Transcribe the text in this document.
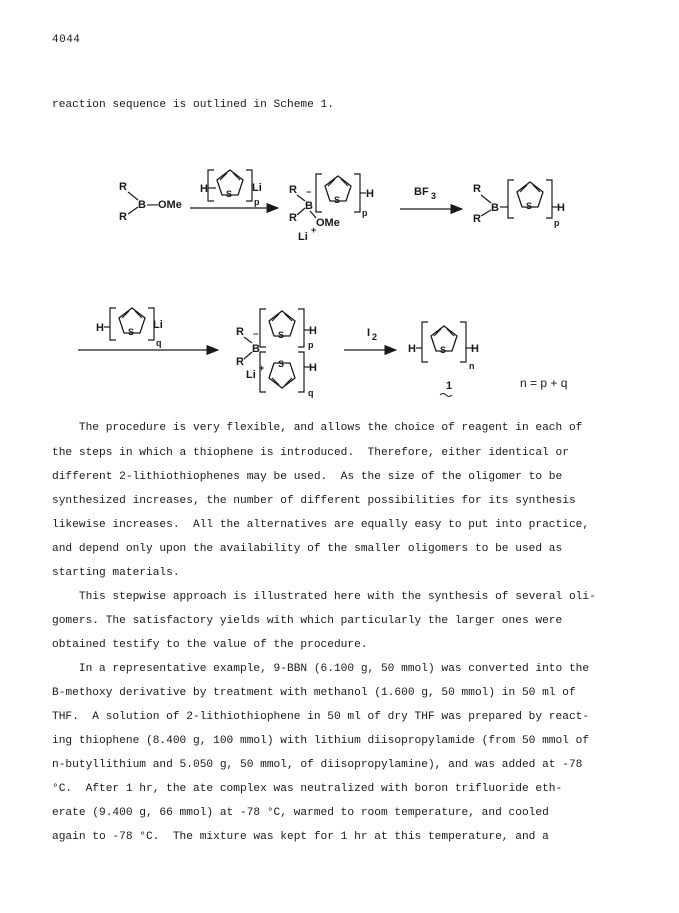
4044
reaction sequence is outlined in Scheme 1.
R
R
B —OMe
H S
p
Li R
R
B
−
S H
p
OMe
Li
+
BF 3
R
R
B	S H
p
H	S
q
Li
R
R
B
− S H
p
S H
q
Li
+
I 2
H	S H
n
1	n = p + q
The procedure is very flexible, and allows the choice of reagent in each of
the steps in which a thiophene is introduced.  Therefore, either identical or
different 2-lithiothiophenes may be used.  As the size of the oligomer to be
synthesized increases, the number of different possibilities for its synthesis
likewise increases.  All the alternatives are equally easy to put into practice,
and depend only upon the availability of the smaller oligomers to be used as
starting materials.
This stepwise approach is illustrated here with the synthesis of several oli-
gomers. The satisfactory yields with which particularly the larger ones were
obtained testify to the value of the procedure.
In a representative example, 9-BBN (6.100 g, 50 mmol) was converted into the
B-methoxy derivative by treatment with methanol (1.600 g, 50 mmol) in 50 ml of
THF.  A solution of 2-lithiothiophene in 50 ml of dry THF was prepared by react-
ing thiophene (8.400 g, 100 mmol) with lithium diisopropylamide (from 50 mmol of
n-butyllithium and 5.050 g, 50 mmol, of diisopropylamine), and was added at -78
°C.  After 1 hr, the ate complex was neutralized with boron trifluoride eth-
erate (9.400 g, 66 mmol) at -78 °C, warmed to room temperature, and cooled
again to -78 °C.  The mixture was kept for 1 hr at this temperature, and a
